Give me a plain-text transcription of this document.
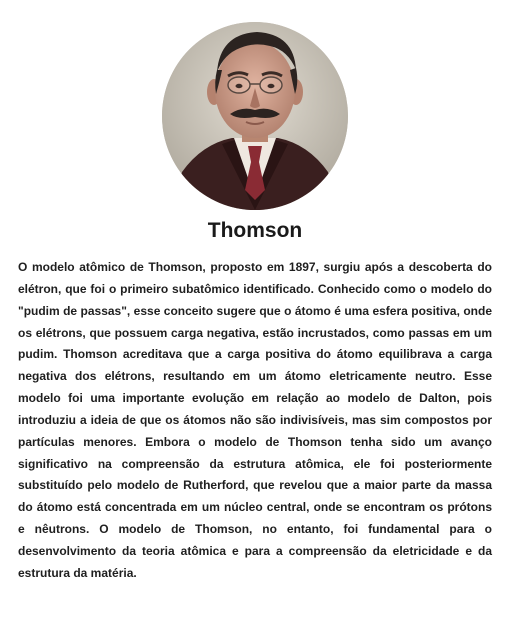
Thomson

O modelo atômico de Thomson, proposto em 1897, surgiu após a descoberta do elétron, que foi o primeiro subatômico identificado. Conhecido como o modelo do "pudim de passas", esse conceito sugere que o átomo é uma esfera positiva, onde os elétrons, que possuem carga negativa, estão incrustados, como passas em um pudim. Thomson acreditava que a carga positiva do átomo equilibrava a carga negativa dos elétrons, resultando em um átomo eletricamente neutro. Esse modelo foi uma importante evolução em relação ao modelo de Dalton, pois introduziu a ideia de que os átomos não são indivisíveis, mas sim compostos por partículas menores. Embora o modelo de Thomson tenha sido um avanço significativo na compreensão da estrutura atômica, ele foi posteriormente substituído pelo modelo de Rutherford, que revelou que a maior parte da massa do átomo está concentrada em um núcleo central, onde se encontram os prótons e nêutrons. O modelo de Thomson, no entanto, foi fundamental para o desenvolvimento da teoria atômica e para a compreensão da eletricidade e da estrutura da matéria.
